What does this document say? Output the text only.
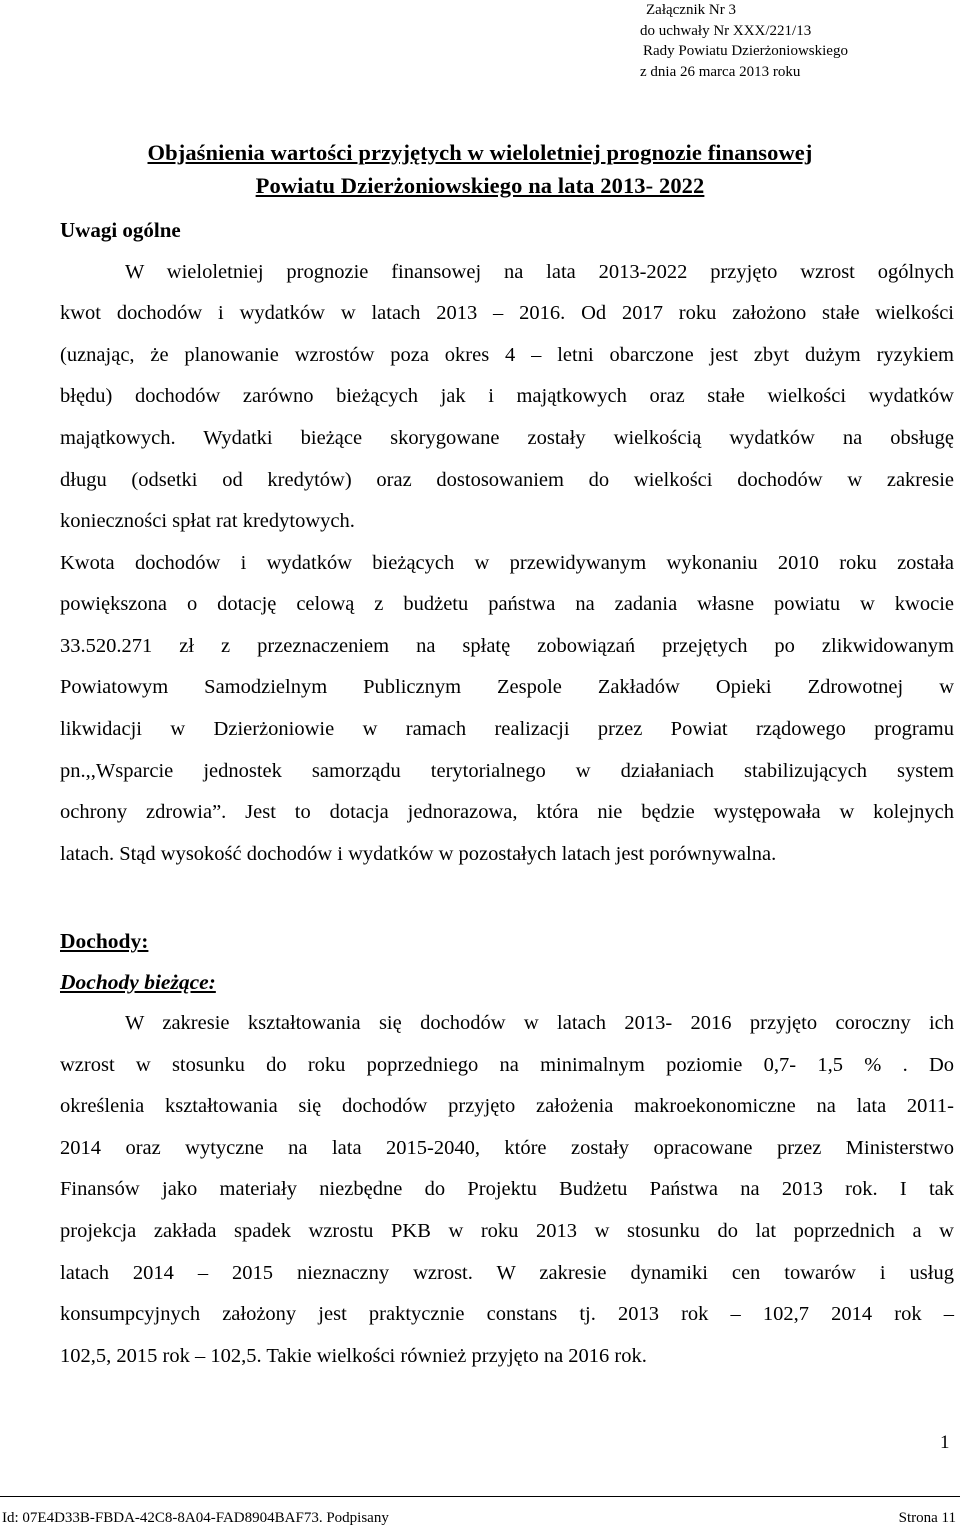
Załącznik Nr 3
do uchwały Nr XXX/221/13
Rady Powiatu Dzierżoniowskiego
z dnia 26 marca 2013 roku
Objaśnienia wartości przyjętych w wieloletniej prognozie finansowej
Powiatu Dzierżoniowskiego na lata 2013- 2022
Uwagi ogólne
W wieloletniej prognozie finansowej na lata 2013-2022 przyjęto wzrost ogólnych
kwot dochodów i wydatków w latach 2013 – 2016. Od 2017 roku założono stałe wielkości
(uznając, że planowanie wzrostów poza okres 4 – letni obarczone jest zbyt dużym ryzykiem
błędu) dochodów zarówno bieżących jak i majątkowych oraz stałe wielkości wydatków
majątkowych. Wydatki bieżące skorygowane zostały wielkością wydatków na obsługę
długu (odsetki od kredytów) oraz dostosowaniem do wielkości dochodów w zakresie
konieczności spłat rat kredytowych.
Kwota dochodów i wydatków bieżących w przewidywanym wykonaniu 2010 roku została
powiększona o dotację celową z budżetu państwa na zadania własne powiatu w kwocie
33.520.271 zł z przeznaczeniem na spłatę zobowiązań przejętych po zlikwidowanym
Powiatowym Samodzielnym Publicznym Zespole Zakładów Opieki Zdrowotnej w
likwidacji w Dzierżoniowie w ramach realizacji przez Powiat rządowego programu
pn.,,Wsparcie jednostek samorządu terytorialnego w działaniach stabilizujących system
ochrony zdrowia”. Jest to dotacja jednorazowa, która nie będzie występowała w kolejnych
latach. Stąd wysokość dochodów i wydatków w pozostałych latach jest porównywalna.
Dochody:
Dochody bieżące:
W zakresie kształtowania się dochodów w latach 2013- 2016 przyjęto coroczny ich
wzrost w stosunku do roku poprzedniego na minimalnym poziomie 0,7- 1,5 % . Do
określenia kształtowania się dochodów przyjęto założenia makroekonomiczne na lata 2011-
2014 oraz wytyczne na lata 2015-2040, które zostały opracowane przez Ministerstwo
Finansów jako materiały niezbędne do Projektu Budżetu Państwa na 2013 rok. I tak
projekcja zakłada spadek wzrostu PKB w roku 2013 w stosunku do lat poprzednich a w
latach 2014 – 2015 nieznaczny wzrost. W zakresie dynamiki cen towarów i usług
konsumpcyjnych założony jest praktycznie constans tj. 2013 rok – 102,7 2014 rok –
102,5, 2015 rok – 102,5. Takie wielkości również przyjęto na 2016 rok.
1
Id: 07E4D33B-FBDA-42C8-8A04-FAD8904BAF73. Podpisany	Strona 11
